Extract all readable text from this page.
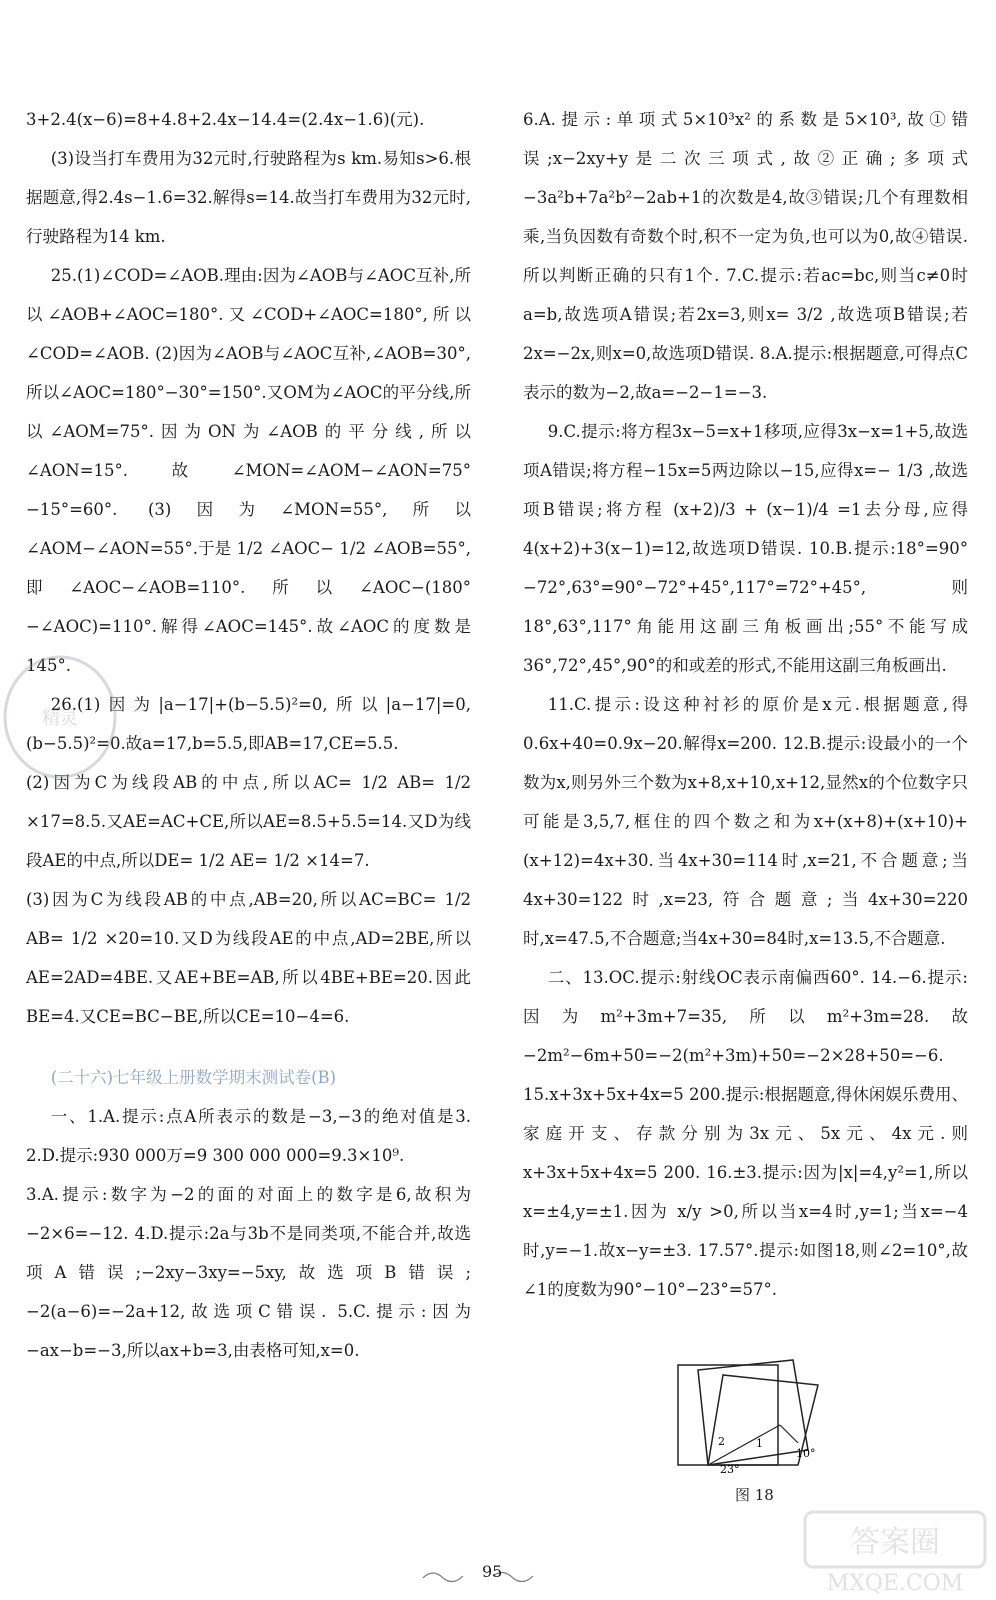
3+2.4(x−6)=8+4.8+2.4x−14.4=(2.4x−1.6)(元).

(3)设当打车费用为32元时,行驶路程为s km.易知s>6.根据题意,得2.4s−1.6=32.解得s=14.故当打车费用为32元时,行驶路程为14 km.

25.(1)∠COD=∠AOB.理由:因为∠AOB与∠AOC互补,所以∠AOB+∠AOC=180°.又∠COD+∠AOC=180°,所以∠COD=∠AOB. (2)因为∠AOB与∠AOC互补,∠AOB=30°,所以∠AOC=180°−30°=150°.又OM为∠AOC的平分线,所以∠AOM=75°.因为ON为∠AOB的平分线,所以∠AON=15°.故∠MON=∠AOM−∠AON=75°−15°=60°. (3)因为∠MON=55°,所以∠AOM−∠AON=55°.于是 1/2 ∠AOC− 1/2 ∠AOB=55°,即∠AOC−∠AOB=110°.所以∠AOC−(180°−∠AOC)=110°.解得∠AOC=145°.故∠AOC的度数是145°.

26.(1)因为|a−17|+(b−5.5)²=0,所以|a−17|=0,(b−5.5)²=0.故a=17,b=5.5,即AB=17,CE=5.5.

(2)因为C为线段AB的中点,所以AC= 1/2 AB= 1/2 ×17=8.5.又AE=AC+CE,所以AE=8.5+5.5=14.又D为线段AE的中点,所以DE= 1/2 AE= 1/2 ×14=7.

(3)因为C为线段AB的中点,AB=20,所以AC=BC= 1/2 AB= 1/2 ×20=10.又D为线段AE的中点,AD=2BE,所以AE=2AD=4BE.又AE+BE=AB,所以4BE+BE=20.因此BE=4.又CE=BC−BE,所以CE=10−4=6.

(二十六)七年级上册数学期末测试卷(B)

一、1.A.提示:点A所表示的数是−3,−3的绝对值是3. 2.D.提示:930 000万=9 300 000 000=9.3×10⁹.

3.A.提示:数字为−2的面的对面上的数字是6,故积为−2×6=−12. 4.D.提示:2a与3b不是同类项,不能合并,故选项A错误;−2xy−3xy=−5xy,故选项B错误;−2(a−6)=−2a+12,故选项C错误. 5.C.提示:因为−ax−b=−3,所以ax+b=3,由表格可知,x=0.

6.A.提示:单项式5×10³x²的系数是5×10³,故①错误;x−2xy+y是二次三项式,故②正确;多项式−3a²b+7a²b²−2ab+1的次数是4,故③错误;几个有理数相乘,当负因数有奇数个时,积不一定为负,也可以为0,故④错误.所以判断正确的只有1个. 7.C.提示:若ac=bc,则当c≠0时a=b,故选项A错误;若2x=3,则x= 3/2 ,故选项B错误;若2x=−2x,则x=0,故选项D错误. 8.A.提示:根据题意,可得点C表示的数为−2,故a=−2−1=−3.

9.C.提示:将方程3x−5=x+1移项,应得3x−x=1+5,故选项A错误;将方程−15x=5两边除以−15,应得x=− 1/3 ,故选项B错误;将方程 (x+2)/3 + (x−1)/4 =1去分母,应得4(x+2)+3(x−1)=12,故选项D错误. 10.B.提示:18°=90°−72°,63°=90°−72°+45°,117°=72°+45°,则18°,63°,117°角能用这副三角板画出;55°不能写成36°,72°,45°,90°的和或差的形式,不能用这副三角板画出.

11.C.提示:设这种衬衫的原价是x元.根据题意,得0.6x+40=0.9x−20.解得x=200. 12.B.提示:设最小的一个数为x,则另外三个数为x+8,x+10,x+12,显然x的个位数字只可能是3,5,7,框住的四个数之和为x+(x+8)+(x+10)+(x+12)=4x+30.当4x+30=114时,x=21,不合题意;当4x+30=122时,x=23,符合题意;当4x+30=220时,x=47.5,不合题意;当4x+30=84时,x=13.5,不合题意.

二、13.OC.提示:射线OC表示南偏西60°. 14.−6.提示:因为m²+3m+7=35,所以m²+3m=28.故−2m²−6m+50=−2(m²+3m)+50=−2×28+50=−6.

15.x+3x+5x+4x=5 200.提示:根据题意,得休闲娱乐费用、家庭开支、存款分别为3x元、5x元、4x元.则x+3x+5x+4x=5 200. 16.±3.提示:因为|x|=4,y²=1,所以x=±4,y=±1.因为 x/y >0,所以当x=4时,y=1;当x=−4时,y=−1.故x−y=±3. 17.57°.提示:如图18,则∠2=10°,故∠1的度数为90°−10°−23°=57°.

2	1
23°
10°
图 18
95
精灵
答案圈
MXQE.COM
